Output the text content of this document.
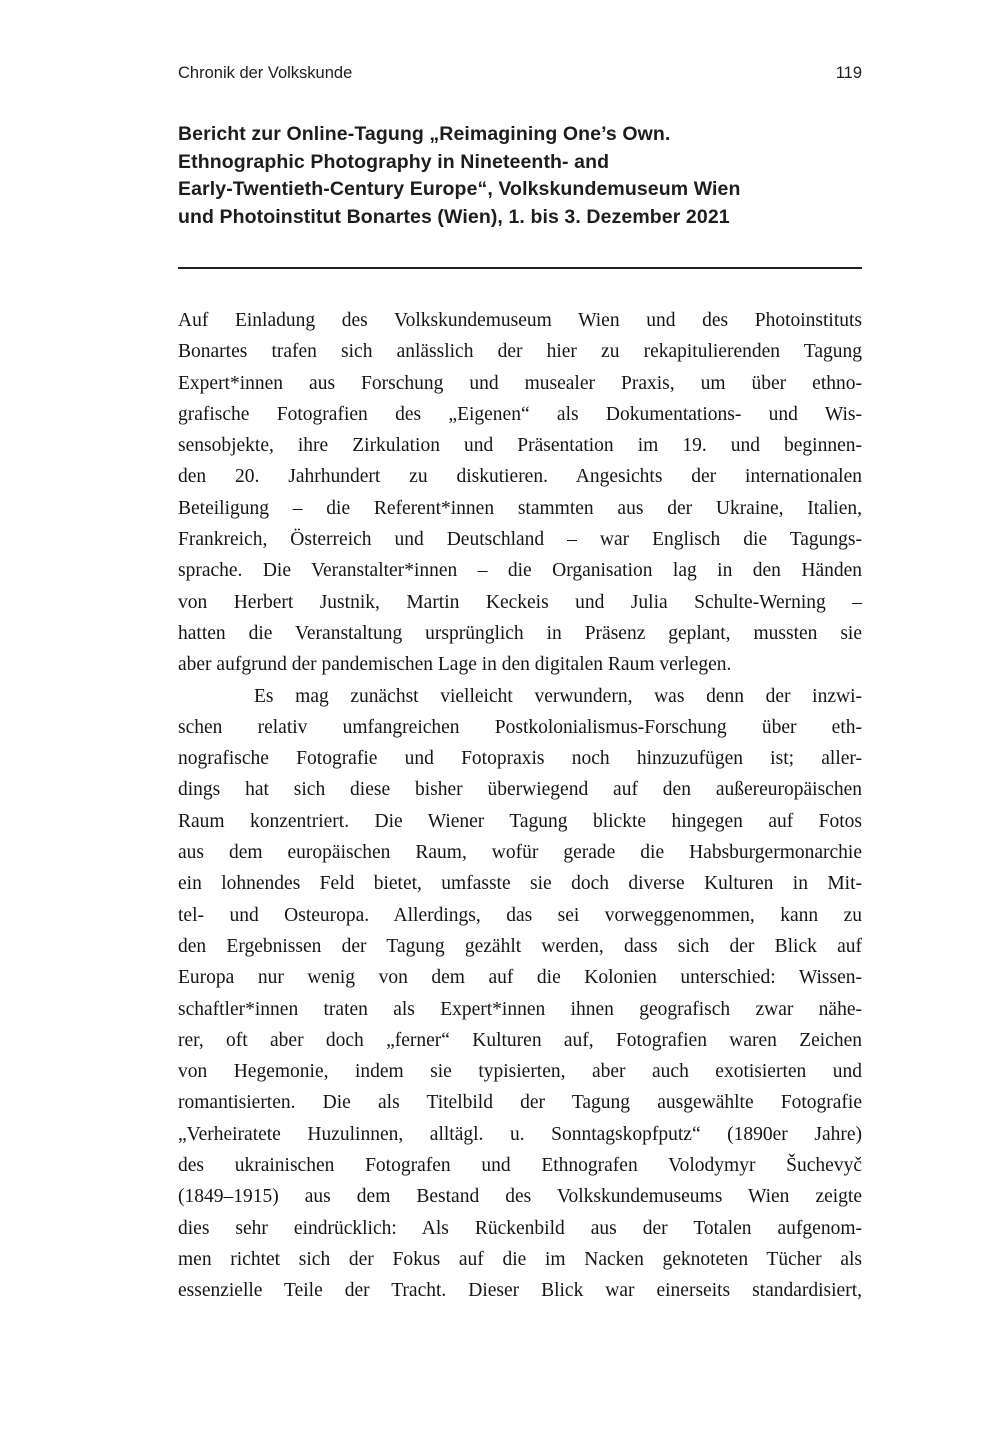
Chronik der Volkskunde	119
Bericht zur Online-Tagung „Reimagining One’s Own.
Ethnographic Photography in Nineteenth- and
Early-Twentieth-Century Europe“, Volkskundemuseum Wien
und Photoinstitut Bonartes (Wien), 1. bis 3. Dezember 2021
Auf Einladung des Volkskundemuseum Wien und des Photoinstituts
Bonartes trafen sich anlässlich der hier zu rekapitulierenden Tagung
Expert*innen aus Forschung und musealer Praxis, um über ethno-
grafische Fotografien des „Eigenen“ als Dokumentations- und Wis-
sensobjekte, ihre Zirkulation und Präsentation im 19. und beginnen-
den 20. Jahrhundert zu diskutieren. Angesichts der internationalen
Beteiligung – die Referent*innen stammten aus der Ukraine, Italien,
Frankreich, Österreich und Deutschland – war Englisch die Tagungs-
sprache. Die Veranstalter*innen – die Organisation lag in den Händen
von Herbert Justnik, Martin Keckeis und Julia Schulte-Werning –
hatten die Veranstaltung ursprünglich in Präsenz geplant, mussten sie
aber aufgrund der pandemischen Lage in den digitalen Raum verlegen.
Es mag zunächst vielleicht verwundern, was denn der inzwi-
schen relativ umfangreichen Postkolonialismus-Forschung über eth-
nografische Fotografie und Fotopraxis noch hinzuzufügen ist; aller-
dings hat sich diese bisher überwiegend auf den außereuropäischen
Raum konzentriert. Die Wiener Tagung blickte hingegen auf Fotos
aus dem europäischen Raum, wofür gerade die Habsburgermonarchie
ein lohnendes Feld bietet, umfasste sie doch diverse Kulturen in Mit-
tel- und Osteuropa. Allerdings, das sei vorweggenommen, kann zu
den Ergebnissen der Tagung gezählt werden, dass sich der Blick auf
Europa nur wenig von dem auf die Kolonien unterschied: Wissen-
schaftler*innen traten als Expert*innen ihnen geografisch zwar nähe-
rer, oft aber doch „ferner“ Kulturen auf, Fotografien waren Zeichen
von Hegemonie, indem sie typisierten, aber auch exotisierten und
romantisierten. Die als Titelbild der Tagung ausgewählte Fotografie
„Verheiratete Huzulinnen, alltägl. u. Sonntagskopfputz“ (1890er Jahre)
des ukrainischen Fotografen und Ethnografen Volodymyr Šuchevyč
(1849–1915) aus dem Bestand des Volkskundemuseums Wien zeigte
dies sehr eindrücklich: Als Rückenbild aus der Totalen aufgenom-
men richtet sich der Fokus auf die im Nacken geknoteten Tücher als
essenzielle Teile der Tracht. Dieser Blick war einerseits standardisiert,
